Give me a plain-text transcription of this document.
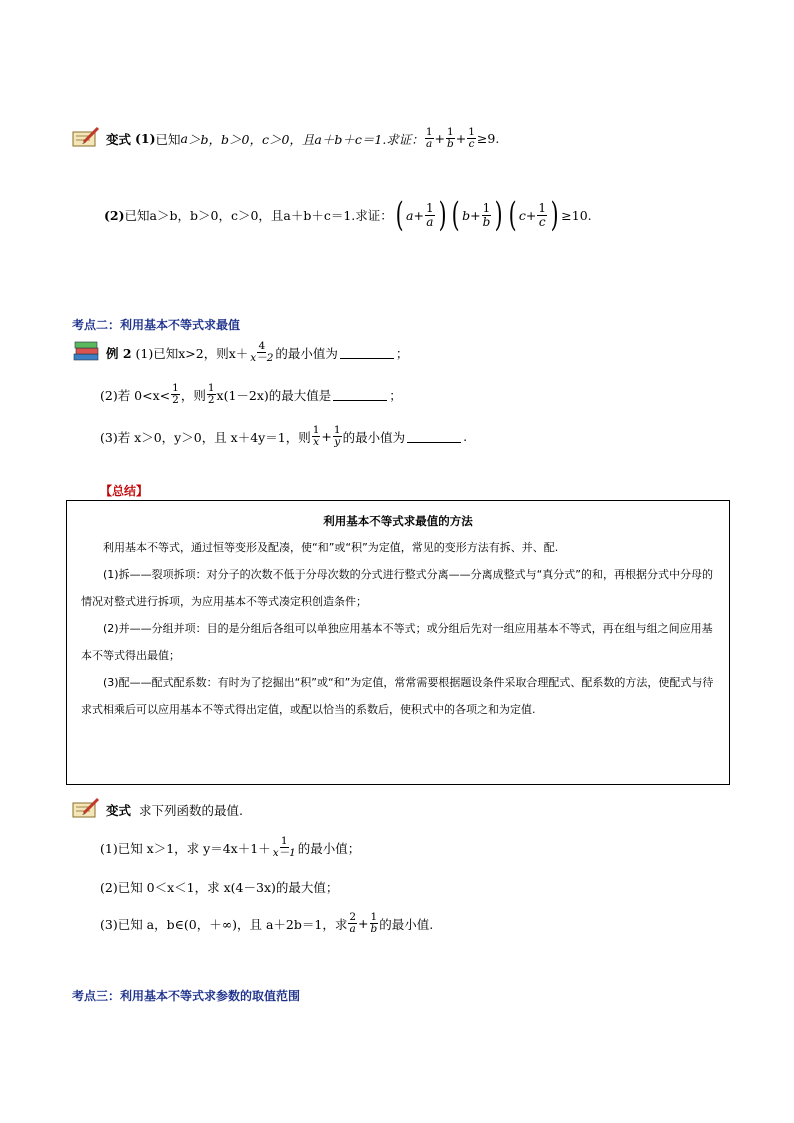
变式
(1) 已知 a ＞b，b＞0，c＞0，且 a＋b＋c＝1.求证： $\frac{1}{a} + \frac{1}{b} + \frac{1}{c} \ge 9$.
(2) 已知a＞b，b＞0，c＞0，且a＋b＋c＝1.求证： ( $a + \frac{1}{a}$ ) ( $b + \frac{1}{b}$ ) ( $c + \frac{1}{c}$ ) ≥10.
考点二：利用基本不等式求最值
例 2
(1)已知x>2，则$x+ \frac{4}{x-2}$ 的最小值为	；
(2)若 $0<x< \frac{1}{2}$ ，则 $\frac{1}{2} x(1-2x)$的最大值是	；
(3)若 x＞0，y＞0，且 x＋4y＝1，则 $\frac{1}{x} + \frac{1}{y}$ 的最小值为	.
【总结】
利用基本不等式求最值的方法

利用基本不等式，通过恒等变形及配凑，使“和”或“积”为定值，常见的变形方法有拆、并、配.

(1)拆——裂项拆项：对分子的次数不低于分母次数的分式进行整式分离——分离成整式与“真分式”的和，再根据分式中分母的情况对整式进行拆项，为应用基本不等式凑定积创造条件；

(2)并——分组并项：目的是分组后各组可以单独应用基本不等式；或分组后先对一组应用基本不等式，再在组与组之间应用基本不等式得出最值；

(3)配——配式配系数：有时为了挖掘出“积”或“和”为定值，常常需要根据题设条件采取合理配式、配系数的方法，使配式与待求式相乘后可以应用基本不等式得出定值，或配以恰当的系数后，使积式中的各项之和为定值.

变式
求下列函数的最值.
(1)已知 x＞1，求 $y=4x+1+ \frac{1}{x-1}$ 的最小值；
(2)已知 0＜x＜1，求 x(4－3x)的最大值；
(3)已知 a，b∈(0，＋∞)，且 a＋2b＝1，求 $\frac{2}{a} + \frac{1}{b}$ 的最小值.
考点三：利用基本不等式求参数的取值范围
